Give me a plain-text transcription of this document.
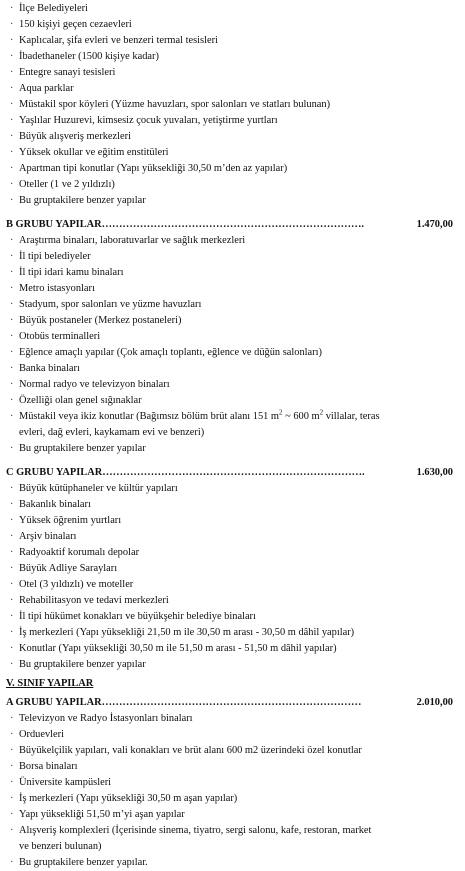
· İlçe Belediyeleri
· 150 kişiyi geçen cezaevleri
· Kaplıcalar, şifa evleri ve benzeri termal tesisleri
· İbadethaneler (1500 kişiye kadar)
· Entegre sanayi tesisleri
· Aqua parklar
· Müstakil spor köyleri (Yüzme havuzları, spor salonları ve statları bulunan)
· Yaşlılar Huzurevi, kimsesiz çocuk yuvaları, yetiştirme yurtları
· Büyük alışveriş merkezleri
· Yüksek okullar ve eğitim enstitüleri
· Apartman tipi konutlar (Yapı yüksekliği 30,50 m’den az yapılar)
· Oteller (1 ve 2 yıldızlı)
· Bu gruptakilere benzer yapılar
B GRUBU YAPILAR………………………………………………………………….	1.470,00
· Araştırma binaları, laboratuvarlar ve sağlık merkezleri
· İl tipi belediyeler
· İl tipi idari kamu binaları
· Metro istasyonları
· Stadyum, spor salonları ve yüzme havuzları
· Büyük postaneler (Merkez postaneleri)
· Otobüs terminalleri
· Eğlence amaçlı yapılar (Çok amaçlı toplantı, eğlence ve düğün salonları)
· Banka binaları
· Normal radyo ve televizyon binaları
· Özelliği olan genel sığınaklar
· Müstakil veya ikiz konutlar (Bağımsız bölüm brüt alanı 151 $m^2$ ~ 600 $m^2$ villalar, teras
evleri, dağ evleri, kaykamam evi ve benzeri)
· Bu gruptakilere benzer yapılar
C GRUBU YAPILAR………………………………………………………………….	1.630,00
· Büyük kütüphaneler ve kültür yapıları
· Bakanlık binaları
· Yüksek öğrenim yurtları
· Arşiv binaları
· Radyoaktif korumalı depolar
· Büyük Adliye Sarayları
· Otel (3 yıldızlı) ve moteller
· Rehabilitasyon ve tedavi merkezleri
· İl tipi hükümet konakları ve büyükşehir belediye binaları
· İş merkezleri (Yapı yüksekliği 21,50 m ile 30,50 m arası - 30,50 m dâhil yapılar)
· Konutlar (Yapı yüksekliği 30,50 m ile 51,50 m arası - 51,50 m dâhil yapılar)
· Bu gruptakilere benzer yapılar
V. SINIF YAPILAR
A GRUBU YAPILAR…………………………………………………………………	2.010,00
· Televizyon ve Radyo İstasyonları binaları
· Orduevleri
· Büyükelçilik yapıları, vali konakları ve brüt alanı 600 m2 üzerindeki özel konutlar
· Borsa binaları
· Üniversite kampüsleri
· İş merkezleri (Yapı yüksekliği 30,50 m aşan yapılar)
· Yapı yüksekliği 51,50 m’yi aşan yapılar
· Alışveriş komplexleri (İçerisinde sinema, tiyatro, sergi salonu, kafe, restoran, market
ve benzeri bulunan)
· Bu gruptakilere benzer yapılar.
